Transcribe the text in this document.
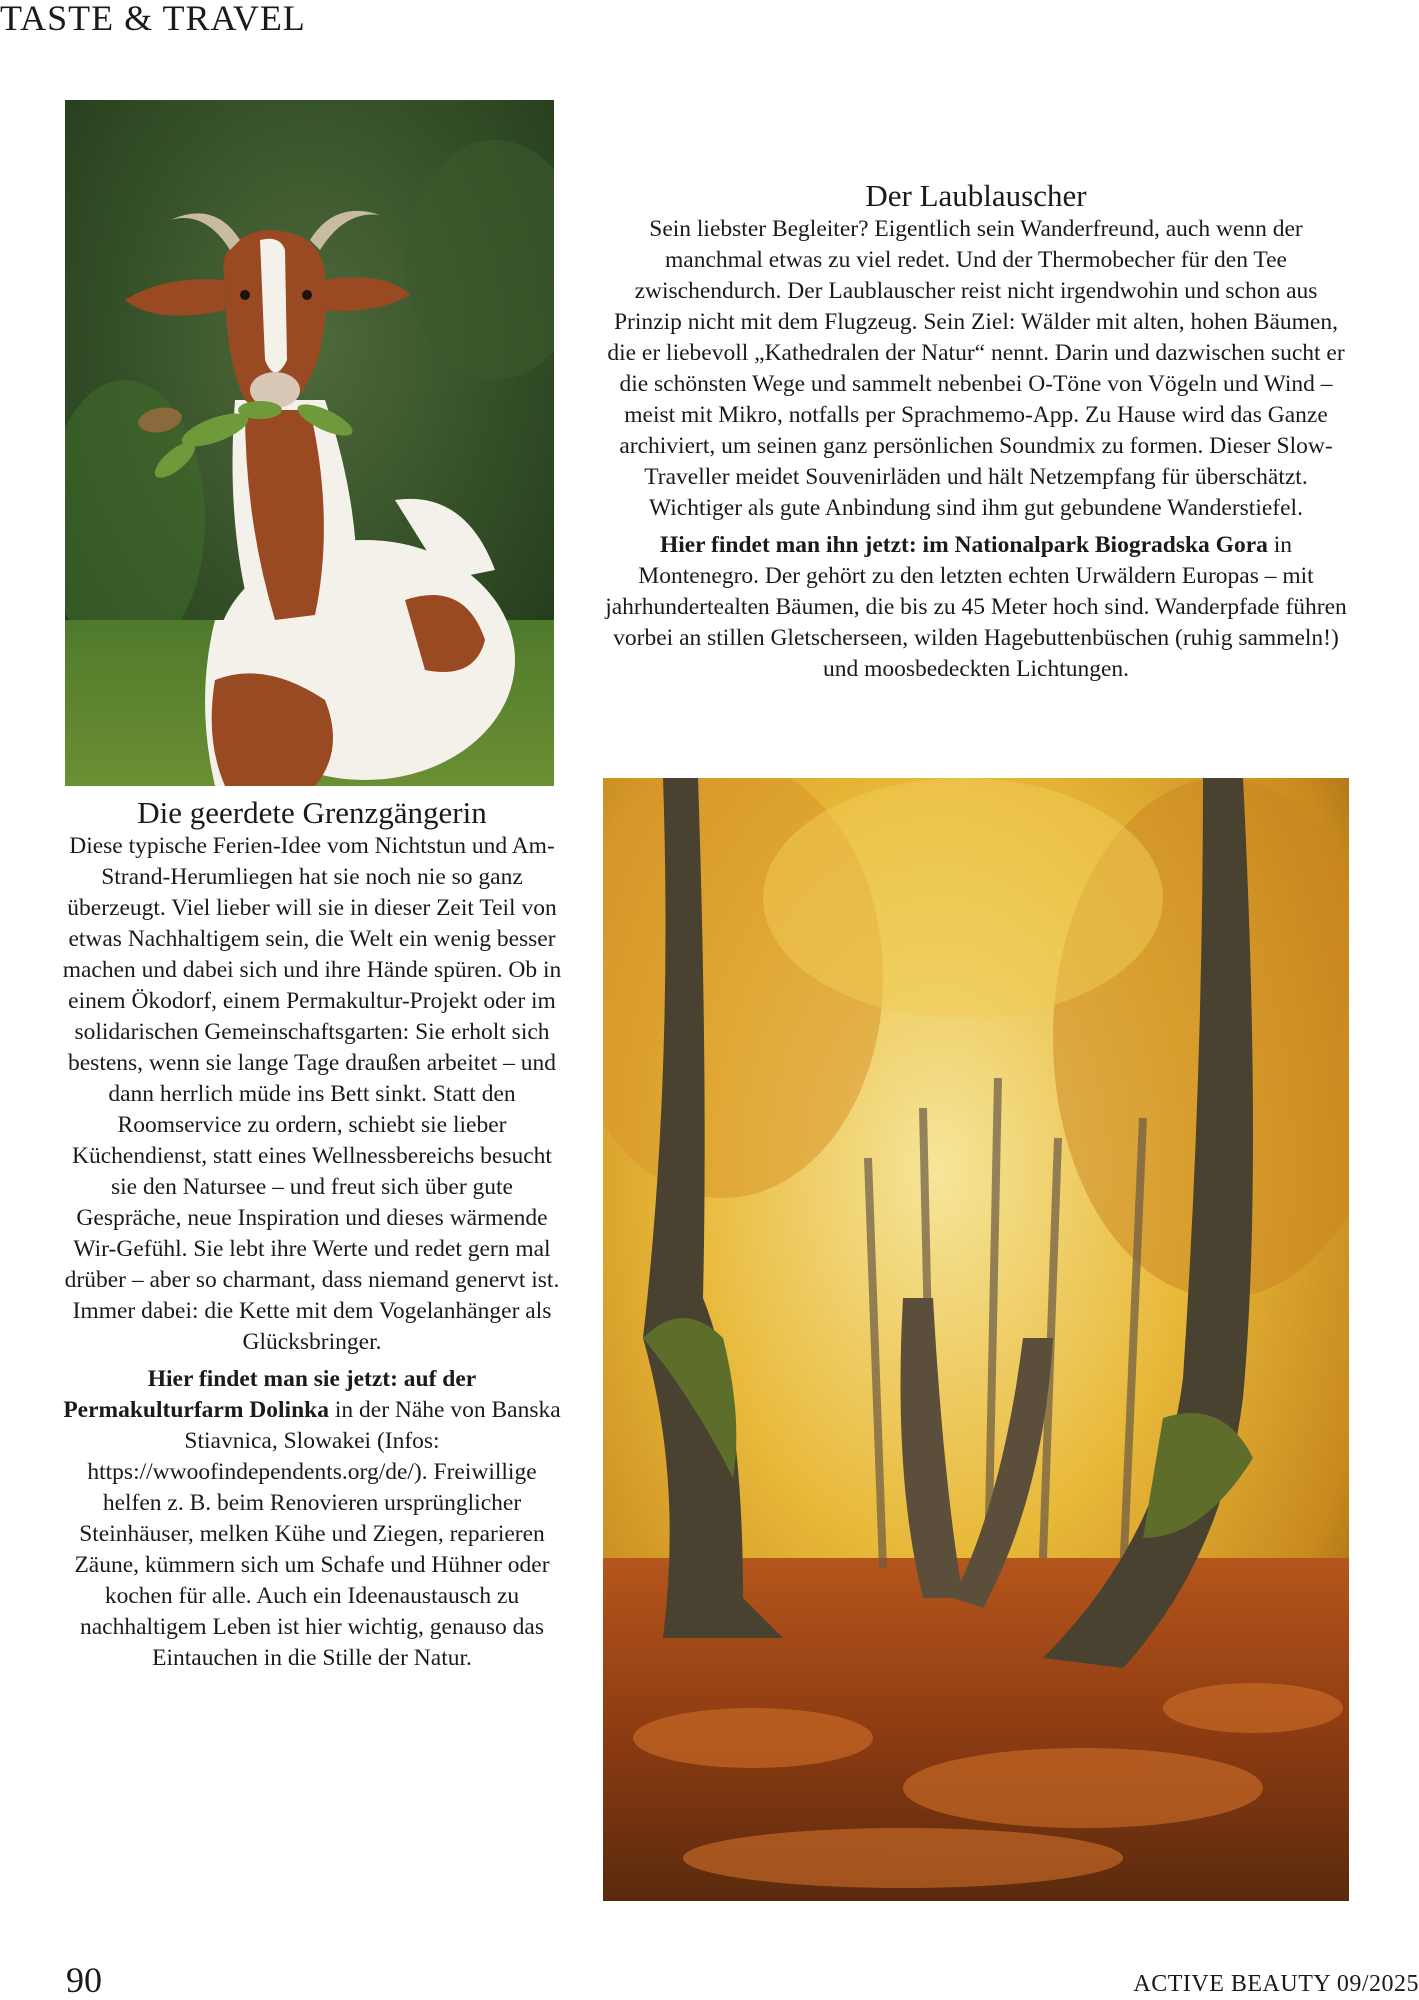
TASTE & TRAVEL
Der Laublauscher

Sein liebster Begleiter? Eigentlich sein Wanderfreund, auch wenn der manchmal etwas zu viel redet. Und der Thermobecher für den Tee zwischendurch. Der Laublauscher reist nicht irgendwohin und schon aus Prinzip nicht mit dem Flugzeug. Sein Ziel: Wälder mit alten, hohen Bäumen, die er liebevoll „Kathedralen der Natur“ nennt. Darin und dazwischen sucht er die schönsten Wege und sammelt nebenbei O-Töne von Vögeln und Wind – meist mit Mikro, notfalls per Sprachmemo-App. Zu Hause wird das Ganze archiviert, um seinen ganz persönlichen Soundmix zu formen. Dieser Slow-Traveller meidet Souvenirläden und hält Netzempfang für überschätzt. Wichtiger als gute Anbindung sind ihm gut gebundene Wanderstiefel.

Hier findet man ihn jetzt: im Nationalpark Biogradska Gora in Montenegro. Der gehört zu den letzten echten Urwäldern Europas – mit jahrhundertealten Bäumen, die bis zu 45 Meter hoch sind. Wanderpfade führen vorbei an stillen Gletscherseen, wilden Hagebuttenbüschen (ruhig sammeln!) und moosbedeckten Lichtungen.

Die geerdete Grenzgängerin

Diese typische Ferien-Idee vom Nichtstun und Am-Strand-Herumliegen hat sie noch nie so ganz überzeugt. Viel lieber will sie in dieser Zeit Teil von etwas Nachhaltigem sein, die Welt ein wenig besser machen und dabei sich und ihre Hände spüren. Ob in einem Ökodorf, einem Permakultur-Projekt oder im solidarischen Gemeinschaftsgarten: Sie erholt sich bestens, wenn sie lange Tage draußen arbeitet – und dann herrlich müde ins Bett sinkt. Statt den Roomservice zu ordern, schiebt sie lieber Küchendienst, statt eines Wellnessbereichs besucht sie den Natursee – und freut sich über gute Gespräche, neue Inspiration und dieses wärmende Wir-Gefühl. Sie lebt ihre Werte und redet gern mal drüber – aber so charmant, dass niemand genervt ist. Immer dabei: die Kette mit dem Vogelanhänger als Glücksbringer.

Hier findet man sie jetzt: auf der Permakulturfarm Dolinka in der Nähe von Banska Stiavnica, Slowakei (Infos: https://wwoofindependents.org/de/). Freiwillige helfen z. B. beim Renovieren ursprünglicher Steinhäuser, melken Kühe und Ziegen, reparieren Zäune, kümmern sich um Schafe und Hühner oder kochen für alle. Auch ein Ideenaustausch zu nachhaltigem Leben ist hier wichtig, genauso das Eintauchen in die Stille der Natur.

90	ACTIVE BEAUTY 09/2025
